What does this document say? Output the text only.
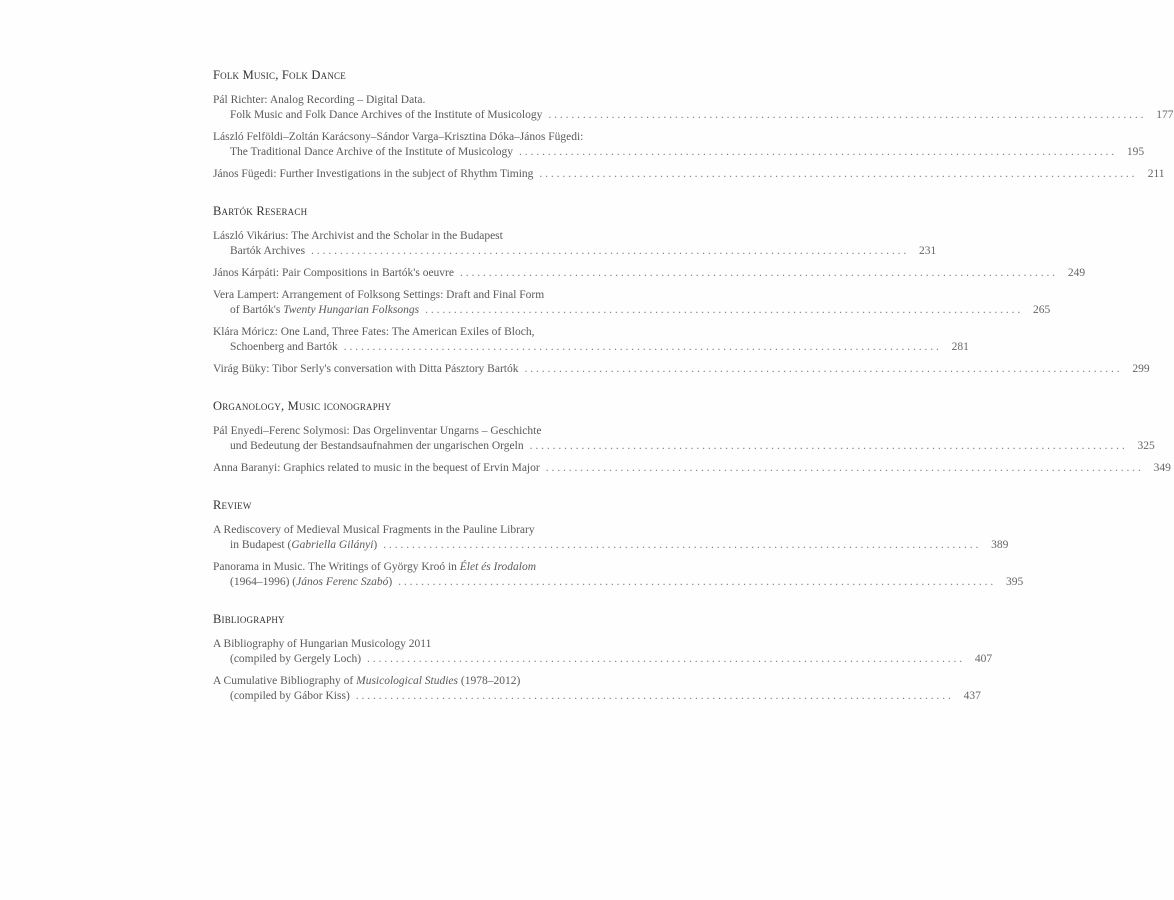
Folk Music, Folk Dance
Pál Richter: Analog Recording – Digital Data.
Folk Music and Folk Dance Archives of the Institute of Musicology . . .	177
László Felföldi–Zoltán Karácsony–Sándor Varga–Krisztina Dóka–János Fügedi:
The Traditional Dance Archive of the Institute of Musicology . . .	195
János Fügedi: Further Investigations in the subject of Rhythm Timing . . .	211
Bartók Reserach
László Vikárius: The Archivist and the Scholar in the Budapest
Bartók Archives . . .	231
János Kárpáti: Pair Compositions in Bartók's oeuvre . . .	249
Vera Lampert: Arrangement of Folksong Settings: Draft and Final Form
of Bartók's Twenty Hungarian Folksongs . . .	265
Klára Móricz: One Land, Three Fates: The American Exiles of Bloch,
Schoenberg and Bartók . . .	281
Virág Büky: Tibor Serly's conversation with Ditta Pásztory Bartók . . .	299
Organology, Music iconography
Pál Enyedi–Ferenc Solymosi: Das Orgelinventar Ungarns – Geschichte
und Bedeutung der Bestandsaufnahmen der ungarischen Orgeln . . .	325
Anna Baranyi: Graphics related to music in the bequest of Ervin Major . . .	349
Review
A Rediscovery of Medieval Musical Fragments in the Pauline Library
in Budapest (Gabriella Gilányi) . . .	389
Panorama in Music. The Writings of György Kroó in Élet és Irodalom
(1964–1996) (János Ferenc Szabó) . . .	395
Bibliography
A Bibliography of Hungarian Musicology 2011
(compiled by Gergely Loch) . . .	407
A Cumulative Bibliography of Musicological Studies (1978–2012)
(compiled by Gábor Kiss) . . .	437
